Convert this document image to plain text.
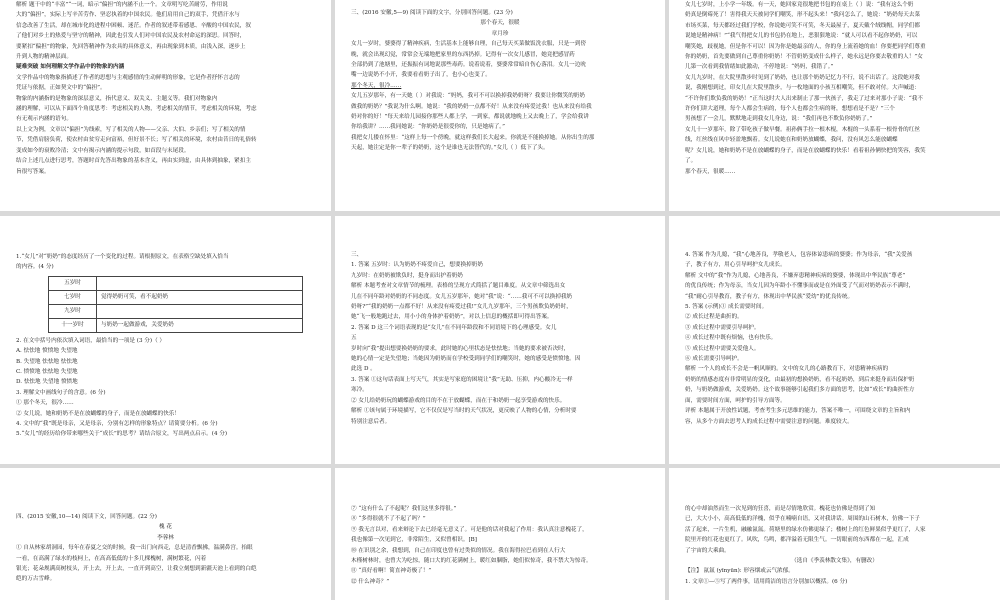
解析 题干中的“丰富”“一词，暗示“偏担”的内涵不止一个。文章明写吃苦耐劳，作用说

大的“偏担”，实际上写辛苦劳作、坚忍执着的中国农民。他们肩用自己的双手，凭借汗水与

信念改善了生活，却在城市化的进程中困顿、迷茫。作者的叙述带着感恩、辛酸的中国农民，叙

了他们对乡土的热爱与坚守的精神，因此也引发人们对中国农民及农村命运的深思。回答时，

要紧扣“偏担”的物象，先回答精神作为农具的具体意义，再由现象到本质，由浅入深，逐步上

升到人物的精神层面。

疑难突破 如何理解文学作品中的物象的内涵

文学作品中的物象指描述了作者的思想与主观感情的生动鲜明的形象，它是作者抒怀言志的

凭证与依据，正如契文中的“偏担”。

物象的内涵指的是物象的深层意义，指代意义、双关义、主题义等。我们对物象内

涵的理解，可以从下面四个角度思考：考虑相关的人物，考虑相关的情节，考虑相关的环境，考虑

有无观示内涵的语句。

以上文为例，文章以“偏担”为线索，写了相关的人物——父亲、大伯、乡亲们；写了相关的情

节，凭借肩膀负荷，使农村由贫穷走向富裕，但好景不长；写了相关的环境，农村由昔日的礼俗转

变成如今的衰败冷清；文中有揭示内涵的提示句段，如首段与末尾段。

结合上述几点进行思考，答题时首先答出物象的基本含义，再由实到虚，由具体到抽象，紧扣主

旨很写答案。

三、(2016 安徽,5—9) 阅读下面的文字，分别回答问题。(23 分)

那个春天，很暖

章月珍

女儿一岁时，婆婆得了精神疾病，生活基本上能够自理，自己每天买菜做饭洗衣服，只是一到傍

晚，就会出现幻觉，常常会无端地把家里的东西扔掉。记得有一次女儿感冒，她竟把感冒药

全部扔到了池塘里，还振振有词地说那些毒药。说着说着，婆婆常常暗自伤心落泪。女儿一边吮

嘴一边说奶不小开，我要看看奶子出了，也小心也变了。

那个冬天，很冷……

女儿五岁那年，有一天她（ ）对我说：“妈妈，我可不可以换掉我奶奶呀？我要让你微笑的奶奶

做我的奶奶？”我说为什么啊。她说：“我的奶奶一点都不好！从来没有疼爱过我！也从来没有给我

奶对你的好！”每天来给儿园接你那些人都上学，一到家，都说就地晚上又去晚上了，学会给我讲

你给我讲？……我同她说：“你奶奶是很爱你的，只是她病了。”

我把女儿搂在怀里：“这样上每一个傍晚，就这样我们长大起来。你就是不能换掉她。从你出生的那

天起，她注定是你一辈子的奶奶，这个是谁也无法替代的。”女儿（ ）低下了头。

女儿七岁时，上小学一年级。有一天，她回家竟很地把书包的在桌上（ ）说：“我有这么个奶

奶真是倒霉死了！害得我天天被同学们嘲笑，形不起头来！”我问怎么了，她说：“奶奶每天去菜

市场买菜，每天都经过我们学校，你说她可笑不可笑，冬天最屋子，夏天戴个绒线帽，同学们都

说她是精神病！”“我气得把女儿的书包扔在地上，恶狠狠地说：“就人可以看不起你奶奶，可以

嘲笑她，歧视她，但是你不可以！因为你是她最亲的人，你的身上流着她的血！你要把同学们尊重

你的奶奶，首先要做到自己尊重你奶奶！不管奶奶变成什么样子，她永远是你要去敬重的人！”女

儿第一次看到我情绪如此激动，不停地说：“妈妈，我错了。”

女儿九岁时，在大院里散步时见到了奶奶，也让那个奶奶记忆力不行，说不出话了。这段她对我

说，我刚想到过，印女儿在大院里散步，与一枚地面的小孩互相嘲笑，但不敢对付。大声喊道：

“不许你们欺负我的奶奶！”正当这时大人出来制止了那一伙孩子，我走了过来对那小子说：“我不

许你们讲大道理，每个人都会生病的，每个人也都会生病的呀，想想看是不是？”三个

男孩想了一会儿，默默地走到我女儿身边，说：“我们再也不欺负你奶奶了。”

女儿十一岁那年，除了带吃孩子做早餐。祖孙俩手拉一根木棍，木棍的一头系着一根骨骨的红丝

线，红丝线在风中轻盈地飘着。女儿说她在和奶奶放蝴蝶，我问，没有风怎么能放蝴蝶

呢？女儿说，她和奶奶不是在放蝴蝶的身子，而是在放蝴蝶的快乐！看着祖孙俩快把的笑容，我笑

了。

那个春天，很暖……

1.“女儿”对“奶奶”的态度经历了一个变化的过程。请根据原文，在表格空缺处填入恰当

的内容。(4 分)

五岁时	
七岁时	觉得奶奶可笑，看不起奶奶
九岁时	
十一岁时	与奶奶一起做游戏，关爱奶奶

2. 在文中括号内依次填入词语，最恰当的一项是 (3 分)（ ）

A. 怯怯地 愤愤地 失望地

B. 失望地 怯怯地 怯怯地

C. 愤愤地 怯怯地 失望地

D. 怯怯地 失望地 愤愤地

3. 理解文中画线句子的含意。(6 分)

① 那个冬天，很冷……

② 女儿说，她和奶奶不是在放蝴蝶的身子，而是在放蝴蝶的快乐！

4. 文中的“我”既是母亲，又是母亲，分别有怎样的形象特点？请简要分析。(6 分)

5.“女儿”的经历给你带来哪些关于“成长”的思考？请结合原文，写出两点启示。(4 分)

三、

1. 答案 五岁时：认为奶奶不疼爱自己，想要换掉奶奶

九岁时：在奶奶被欺负时，挺身而出护着奶奶

解析 本题考查对文章情节的梳理。表格的呈现方式简括了题目难度。从文章中筛选出女

儿在不同年龄对奶奶的不同态度。女儿五岁那年，她对“我”说：“……我可不可以换掉我奶

奶呀?”“我的奶奶一点都不好！从来没有疼爱过我!”女儿九岁那年，三个男孩欺负奶奶时，

她“飞一般地跑过去，用小小的身体护着奶奶”，对以上信息的概括即可得出答案。

2. 答案 D 这三个词语表现的是“女儿”在不同年龄段和不同语境下的心理感受。女儿

五

岁时向“我”提出想要换奶奶的要求，此时她的心里状态是怯怯地；当她的要求被否决时，

她的心情一定是失望地；当她因为奶奶而在学校受到同学们的嘲笑时，她的感受是愤愤地。因

此选 D 。

3. 答案 ①这句话表面上写天气，其实是写家庭的困境让“我”无助、压抑，内心酸冷无一样

寒冷。

② 女儿给奶奶玩的蝴蝶游戏的目的不在于放蝴蝶，而在于和奶奶一起享受游戏的快乐。

解析 ①该句属于环境描写，它不仅仅是写当时的天气状况，更反映了人物的心情，分析时要

特别注意后者。

4. 答案 作为儿媳，“我”心地善良，孝敬老人，包容体谅患病的婆婆；作为母亲，“我”关爱孩

子，教子有方，用心引导呵护女儿成长。

解析 文中的“我”作为儿媳，心地善良，不嫌弃患精神疾病的婆婆，体现出中华民族“尊老”

的优良传统；作为母亲，当女儿因为年龄小不懂事而或是在外面受了气而对奶奶表示不满时，

“我”耐心引导教育，教子有方，体现出中华民族“爱幼”的优良传统。

5. 答案 (示例)① 成长需要时间。

② 成长过程是曲折的。

③ 成长过程中需要引导呵护。

④ 成长过程中既有烦恼，也有快乐。

⑤ 成长过程中需要关爱他人。

⑥ 成长需要引导呵护。

解析 一个人的成长不会是一帆风顺的。文中的女儿的心路教育下，对患精神疾病的

奶奶的情感态度有非常明显的变化，由最初的想换奶奶，看不起奶奶，到后来挺身而出保护奶

奶，与奶奶做游戏，关爱奶奶。这个故事能够引起我们多方面的思考，比如“成长”的曲折性方

面，需要时间方面，呵护的引导方面等。

评析 本题属于开放性试题，考查考生多元思维的能力，答案不唯一，可围绕文章的主旨和内

容，从多个方面去思考人的成长过程中需要注意的问题。难度较大。

四、(2015 安徽,10—14) 阅读下文，回答问题。(22 分)

槐 花

李蓉林

① 自从林家胡洞园，每年在春夏之交的时候，我一出门向西走，总是清香飘拂，温满鼻宫。抬眼

一看，在高满了绿水的枝柯上，在高高低低的十多几棵槐树，满树繁花，闪着

银光；花朵规满高树枝头，开上去，开上去，一直开到高空，让我立刻想到新疆天池上看到的白皑

皑的万古雪峰。

⑦ “这有什么了不起呢？我们这里多得很。”

⑧ “多得很就不了不起了吗？”

⑨ 我无言以对，看来辩论下去已经毫无意义了。可是他的话对我起了作用：我认真注意槐花了，

我也像第一次见到它，非常陌生，又似曾相识。[B]

⑩ 在识别之余，我想到，自己在印度也曾有过类似的情况。我在海得拉巴看到在人行大

木槿树林时，也曾大为吃惊，随口大的红花满树上，暖红如胭脂，她们似惊奇，我不禁大为惊奇。

⑪ “真好看啊！简直神奇极了！”

⑫ 什么神奇？”

的心中却油然而生一次见到的狂喜，而是尽情地欣赏。槐花也仿佛是得到了知

已，大大小小，高高低低的洋槐，似乎在喃喃自语，又对我讲话。周围的山石树木，仿佛一下子

活了起来，一片生机，融融氤氲。荷塘里的绿水仿佛更绿了；楼树上的红色鲜果似乎更红了，人家

院里开的红花也更红了。风吹，鸟鸣，都洋溢着无限生气。一切眼前的东西都在一起，汇成

了宇宙的大乘曲。

（选自《季羡林散文集》，有删改）

【注】 氤氲 (yīnyūn): 形容烟或云气浓郁。

1. 文章①—⑤写了两件事，请用简洁的语言分别加以概括。(6 分)
